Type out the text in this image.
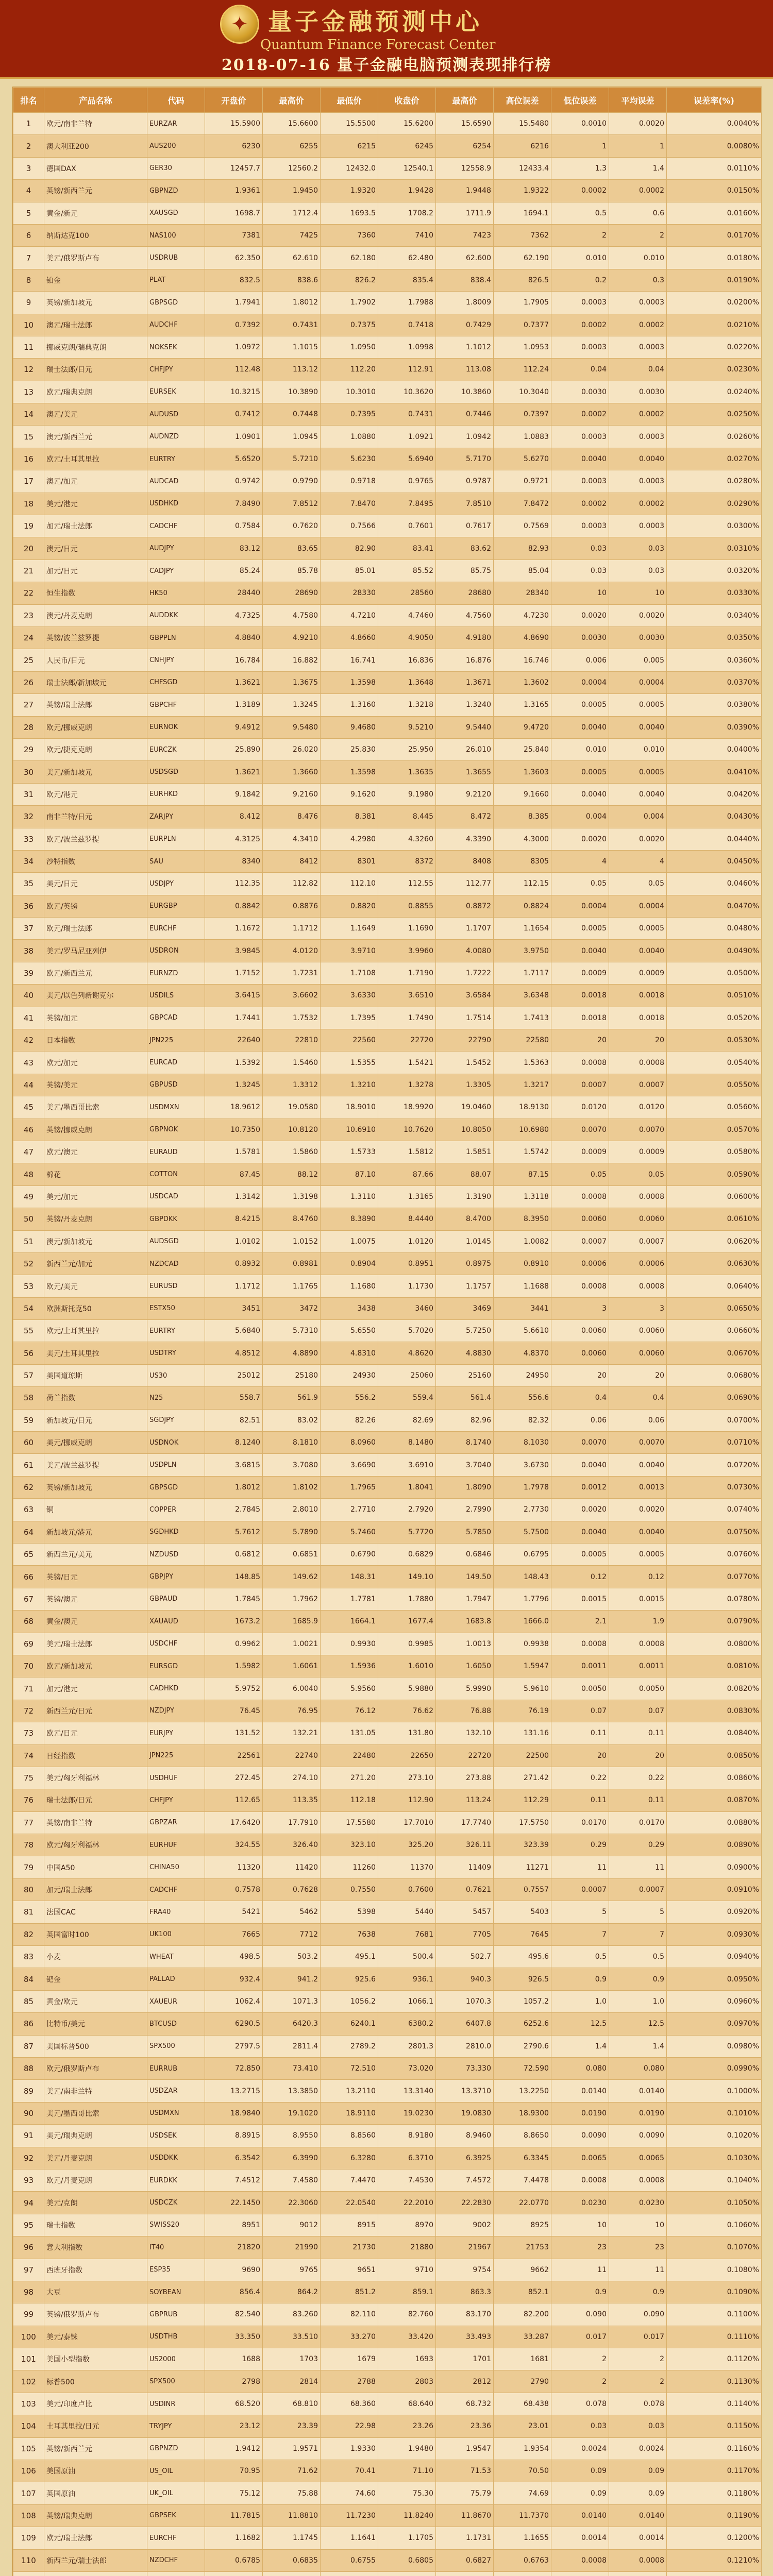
✦
量子金融预测中心
Quantum Finance Forecast Center
2018-07-16 量子金融电脑预测表现排行榜
排名	产品名称	代码	开盘价	最高价	最低价	收盘价	最高价	高位误差	低位误差	平均误差	误差率(%)
1	欧元/南非兰特	EURZAR	15.5900	15.6600	15.5500	15.6200	15.6590	15.5480	0.0010	0.0020	0.0040%
2	澳大利亚200	AUS200	6230	6255	6215	6245	6254	6216	1	1	0.0080%
3	德国DAX	GER30	12457.7	12560.2	12432.0	12540.1	12558.9	12433.4	1.3	1.4	0.0110%
4	英镑/新西兰元	GBPNZD	1.9361	1.9450	1.9320	1.9428	1.9448	1.9322	0.0002	0.0002	0.0150%
5	黄金/新元	XAUSGD	1698.7	1712.4	1693.5	1708.2	1711.9	1694.1	0.5	0.6	0.0160%
6	纳斯达克100	NAS100	7381	7425	7360	7410	7423	7362	2	2	0.0170%
7	美元/俄罗斯卢布	USDRUB	62.350	62.610	62.180	62.480	62.600	62.190	0.010	0.010	0.0180%
8	铂金	PLAT	832.5	838.6	826.2	835.4	838.4	826.5	0.2	0.3	0.0190%
9	英镑/新加坡元	GBPSGD	1.7941	1.8012	1.7902	1.7988	1.8009	1.7905	0.0003	0.0003	0.0200%
10	澳元/瑞士法郎	AUDCHF	0.7392	0.7431	0.7375	0.7418	0.7429	0.7377	0.0002	0.0002	0.0210%
11	挪威克朗/瑞典克朗	NOKSEK	1.0972	1.1015	1.0950	1.0998	1.1012	1.0953	0.0003	0.0003	0.0220%
12	瑞士法郎/日元	CHFJPY	112.48	113.12	112.20	112.91	113.08	112.24	0.04	0.04	0.0230%
13	欧元/瑞典克朗	EURSEK	10.3215	10.3890	10.3010	10.3620	10.3860	10.3040	0.0030	0.0030	0.0240%
14	澳元/美元	AUDUSD	0.7412	0.7448	0.7395	0.7431	0.7446	0.7397	0.0002	0.0002	0.0250%
15	澳元/新西兰元	AUDNZD	1.0901	1.0945	1.0880	1.0921	1.0942	1.0883	0.0003	0.0003	0.0260%
16	欧元/土耳其里拉	EURTRY	5.6520	5.7210	5.6230	5.6940	5.7170	5.6270	0.0040	0.0040	0.0270%
17	澳元/加元	AUDCAD	0.9742	0.9790	0.9718	0.9765	0.9787	0.9721	0.0003	0.0003	0.0280%
18	美元/港元	USDHKD	7.8490	7.8512	7.8470	7.8495	7.8510	7.8472	0.0002	0.0002	0.0290%
19	加元/瑞士法郎	CADCHF	0.7584	0.7620	0.7566	0.7601	0.7617	0.7569	0.0003	0.0003	0.0300%
20	澳元/日元	AUDJPY	83.12	83.65	82.90	83.41	83.62	82.93	0.03	0.03	0.0310%
21	加元/日元	CADJPY	85.24	85.78	85.01	85.52	85.75	85.04	0.03	0.03	0.0320%
22	恒生指数	HK50	28440	28690	28330	28560	28680	28340	10	10	0.0330%
23	澳元/丹麦克朗	AUDDKK	4.7325	4.7580	4.7210	4.7460	4.7560	4.7230	0.0020	0.0020	0.0340%
24	英镑/波兰兹罗提	GBPPLN	4.8840	4.9210	4.8660	4.9050	4.9180	4.8690	0.0030	0.0030	0.0350%
25	人民币/日元	CNHJPY	16.784	16.882	16.741	16.836	16.876	16.746	0.006	0.005	0.0360%
26	瑞士法郎/新加坡元	CHFSGD	1.3621	1.3675	1.3598	1.3648	1.3671	1.3602	0.0004	0.0004	0.0370%
27	英镑/瑞士法郎	GBPCHF	1.3189	1.3245	1.3160	1.3218	1.3240	1.3165	0.0005	0.0005	0.0380%
28	欧元/挪威克朗	EURNOK	9.4912	9.5480	9.4680	9.5210	9.5440	9.4720	0.0040	0.0040	0.0390%
29	欧元/捷克克朗	EURCZK	25.890	26.020	25.830	25.950	26.010	25.840	0.010	0.010	0.0400%
30	美元/新加坡元	USDSGD	1.3621	1.3660	1.3598	1.3635	1.3655	1.3603	0.0005	0.0005	0.0410%
31	欧元/港元	EURHKD	9.1842	9.2160	9.1620	9.1980	9.2120	9.1660	0.0040	0.0040	0.0420%
32	南非兰特/日元	ZARJPY	8.412	8.476	8.381	8.445	8.472	8.385	0.004	0.004	0.0430%
33	欧元/波兰兹罗提	EURPLN	4.3125	4.3410	4.2980	4.3260	4.3390	4.3000	0.0020	0.0020	0.0440%
34	沙特指数	SAU	8340	8412	8301	8372	8408	8305	4	4	0.0450%
35	美元/日元	USDJPY	112.35	112.82	112.10	112.55	112.77	112.15	0.05	0.05	0.0460%
36	欧元/英镑	EURGBP	0.8842	0.8876	0.8820	0.8855	0.8872	0.8824	0.0004	0.0004	0.0470%
37	欧元/瑞士法郎	EURCHF	1.1672	1.1712	1.1649	1.1690	1.1707	1.1654	0.0005	0.0005	0.0480%
38	美元/罗马尼亚列伊	USDRON	3.9845	4.0120	3.9710	3.9960	4.0080	3.9750	0.0040	0.0040	0.0490%
39	欧元/新西兰元	EURNZD	1.7152	1.7231	1.7108	1.7190	1.7222	1.7117	0.0009	0.0009	0.0500%
40	美元/以色列新谢克尔	USDILS	3.6415	3.6602	3.6330	3.6510	3.6584	3.6348	0.0018	0.0018	0.0510%
41	英镑/加元	GBPCAD	1.7441	1.7532	1.7395	1.7490	1.7514	1.7413	0.0018	0.0018	0.0520%
42	日本指数	JPN225	22640	22810	22560	22720	22790	22580	20	20	0.0530%
43	欧元/加元	EURCAD	1.5392	1.5460	1.5355	1.5421	1.5452	1.5363	0.0008	0.0008	0.0540%
44	英镑/美元	GBPUSD	1.3245	1.3312	1.3210	1.3278	1.3305	1.3217	0.0007	0.0007	0.0550%
45	美元/墨西哥比索	USDMXN	18.9612	19.0580	18.9010	18.9920	19.0460	18.9130	0.0120	0.0120	0.0560%
46	英镑/挪威克朗	GBPNOK	10.7350	10.8120	10.6910	10.7620	10.8050	10.6980	0.0070	0.0070	0.0570%
47	欧元/澳元	EURAUD	1.5781	1.5860	1.5733	1.5812	1.5851	1.5742	0.0009	0.0009	0.0580%
48	棉花	COTTON	87.45	88.12	87.10	87.66	88.07	87.15	0.05	0.05	0.0590%
49	美元/加元	USDCAD	1.3142	1.3198	1.3110	1.3165	1.3190	1.3118	0.0008	0.0008	0.0600%
50	英镑/丹麦克朗	GBPDKK	8.4215	8.4760	8.3890	8.4440	8.4700	8.3950	0.0060	0.0060	0.0610%
51	澳元/新加坡元	AUDSGD	1.0102	1.0152	1.0075	1.0120	1.0145	1.0082	0.0007	0.0007	0.0620%
52	新西兰元/加元	NZDCAD	0.8932	0.8981	0.8904	0.8951	0.8975	0.8910	0.0006	0.0006	0.0630%
53	欧元/美元	EURUSD	1.1712	1.1765	1.1680	1.1730	1.1757	1.1688	0.0008	0.0008	0.0640%
54	欧洲斯托克50	ESTX50	3451	3472	3438	3460	3469	3441	3	3	0.0650%
55	欧元/土耳其里拉	EURTRY	5.6840	5.7310	5.6550	5.7020	5.7250	5.6610	0.0060	0.0060	0.0660%
56	美元/土耳其里拉	USDTRY	4.8512	4.8890	4.8310	4.8620	4.8830	4.8370	0.0060	0.0060	0.0670%
57	美国道琼斯	US30	25012	25180	24930	25060	25160	24950	20	20	0.0680%
58	荷兰指数	N25	558.7	561.9	556.2	559.4	561.4	556.6	0.4	0.4	0.0690%
59	新加坡元/日元	SGDJPY	82.51	83.02	82.26	82.69	82.96	82.32	0.06	0.06	0.0700%
60	美元/挪威克朗	USDNOK	8.1240	8.1810	8.0960	8.1480	8.1740	8.1030	0.0070	0.0070	0.0710%
61	美元/波兰兹罗提	USDPLN	3.6815	3.7080	3.6690	3.6910	3.7040	3.6730	0.0040	0.0040	0.0720%
62	英镑/新加坡元	GBPSGD	1.8012	1.8102	1.7965	1.8041	1.8090	1.7978	0.0012	0.0013	0.0730%
63	铜	COPPER	2.7845	2.8010	2.7710	2.7920	2.7990	2.7730	0.0020	0.0020	0.0740%
64	新加坡元/港元	SGDHKD	5.7612	5.7890	5.7460	5.7720	5.7850	5.7500	0.0040	0.0040	0.0750%
65	新西兰元/美元	NZDUSD	0.6812	0.6851	0.6790	0.6829	0.6846	0.6795	0.0005	0.0005	0.0760%
66	英镑/日元	GBPJPY	148.85	149.62	148.31	149.10	149.50	148.43	0.12	0.12	0.0770%
67	英镑/澳元	GBPAUD	1.7845	1.7962	1.7781	1.7880	1.7947	1.7796	0.0015	0.0015	0.0780%
68	黄金/澳元	XAUAUD	1673.2	1685.9	1664.1	1677.4	1683.8	1666.0	2.1	1.9	0.0790%
69	美元/瑞士法郎	USDCHF	0.9962	1.0021	0.9930	0.9985	1.0013	0.9938	0.0008	0.0008	0.0800%
70	欧元/新加坡元	EURSGD	1.5982	1.6061	1.5936	1.6010	1.6050	1.5947	0.0011	0.0011	0.0810%
71	加元/港元	CADHKD	5.9752	6.0040	5.9560	5.9880	5.9990	5.9610	0.0050	0.0050	0.0820%
72	新西兰元/日元	NZDJPY	76.45	76.95	76.12	76.62	76.88	76.19	0.07	0.07	0.0830%
73	欧元/日元	EURJPY	131.52	132.21	131.05	131.80	132.10	131.16	0.11	0.11	0.0840%
74	日经指数	JPN225	22561	22740	22480	22650	22720	22500	20	20	0.0850%
75	美元/匈牙利福林	USDHUF	272.45	274.10	271.20	273.10	273.88	271.42	0.22	0.22	0.0860%
76	瑞士法郎/日元	CHFJPY	112.65	113.35	112.18	112.90	113.24	112.29	0.11	0.11	0.0870%
77	英镑/南非兰特	GBPZAR	17.6420	17.7910	17.5580	17.7010	17.7740	17.5750	0.0170	0.0170	0.0880%
78	欧元/匈牙利福林	EURHUF	324.55	326.40	323.10	325.20	326.11	323.39	0.29	0.29	0.0890%
79	中国A50	CHINA50	11320	11420	11260	11370	11409	11271	11	11	0.0900%
80	加元/瑞士法郎	CADCHF	0.7578	0.7628	0.7550	0.7600	0.7621	0.7557	0.0007	0.0007	0.0910%
81	法国CAC	FRA40	5421	5462	5398	5440	5457	5403	5	5	0.0920%
82	英国富时100	UK100	7665	7712	7638	7681	7705	7645	7	7	0.0930%
83	小麦	WHEAT	498.5	503.2	495.1	500.4	502.7	495.6	0.5	0.5	0.0940%
84	钯金	PALLAD	932.4	941.2	925.6	936.1	940.3	926.5	0.9	0.9	0.0950%
85	黄金/欧元	XAUEUR	1062.4	1071.3	1056.2	1066.1	1070.3	1057.2	1.0	1.0	0.0960%
86	比特币/美元	BTCUSD	6290.5	6420.3	6240.1	6380.2	6407.8	6252.6	12.5	12.5	0.0970%
87	美国标普500	SPX500	2797.5	2811.4	2789.2	2801.3	2810.0	2790.6	1.4	1.4	0.0980%
88	欧元/俄罗斯卢布	EURRUB	72.850	73.410	72.510	73.020	73.330	72.590	0.080	0.080	0.0990%
89	美元/南非兰特	USDZAR	13.2715	13.3850	13.2110	13.3140	13.3710	13.2250	0.0140	0.0140	0.1000%
90	美元/墨西哥比索	USDMXN	18.9840	19.1020	18.9110	19.0230	19.0830	18.9300	0.0190	0.0190	0.1010%
91	美元/瑞典克朗	USDSEK	8.8915	8.9550	8.8560	8.9180	8.9460	8.8650	0.0090	0.0090	0.1020%
92	美元/丹麦克朗	USDDKK	6.3542	6.3990	6.3280	6.3710	6.3925	6.3345	0.0065	0.0065	0.1030%
93	欧元/丹麦克朗	EURDKK	7.4512	7.4580	7.4470	7.4530	7.4572	7.4478	0.0008	0.0008	0.1040%
94	美元/克朗	USDCZK	22.1450	22.3060	22.0540	22.2010	22.2830	22.0770	0.0230	0.0230	0.1050%
95	瑞士指数	SWISS20	8951	9012	8915	8970	9002	8925	10	10	0.1060%
96	意大利指数	IT40	21820	21990	21730	21880	21967	21753	23	23	0.1070%
97	西班牙指数	ESP35	9690	9765	9651	9710	9754	9662	11	11	0.1080%
98	大豆	SOYBEAN	856.4	864.2	851.2	859.1	863.3	852.1	0.9	0.9	0.1090%
99	英镑/俄罗斯卢布	GBPRUB	82.540	83.260	82.110	82.760	83.170	82.200	0.090	0.090	0.1100%
100	美元/泰铢	USDTHB	33.350	33.510	33.270	33.420	33.493	33.287	0.017	0.017	0.1110%
101	美国小型指数	US2000	1688	1703	1679	1693	1701	1681	2	2	0.1120%
102	标普500	SPX500	2798	2814	2788	2803	2812	2790	2	2	0.1130%
103	美元/印度卢比	USDINR	68.520	68.810	68.360	68.640	68.732	68.438	0.078	0.078	0.1140%
104	土耳其里拉/日元	TRYJPY	23.12	23.39	22.98	23.26	23.36	23.01	0.03	0.03	0.1150%
105	英镑/新西兰元	GBPNZD	1.9412	1.9571	1.9330	1.9480	1.9547	1.9354	0.0024	0.0024	0.1160%
106	美国原油	US_OIL	70.95	71.62	70.41	71.10	71.53	70.50	0.09	0.09	0.1170%
107	英国原油	UK_OIL	75.12	75.88	74.60	75.30	75.79	74.69	0.09	0.09	0.1180%
108	英镑/瑞典克朗	GBPSEK	11.7815	11.8810	11.7230	11.8240	11.8670	11.7370	0.0140	0.0140	0.1190%
109	欧元/瑞士法郎	EURCHF	1.1682	1.1745	1.1641	1.1705	1.1731	1.1655	0.0014	0.0014	0.1200%
110	新西兰元/瑞士法郎	NZDCHF	0.6785	0.6835	0.6755	0.6805	0.6827	0.6763	0.0008	0.0008	0.1210%
